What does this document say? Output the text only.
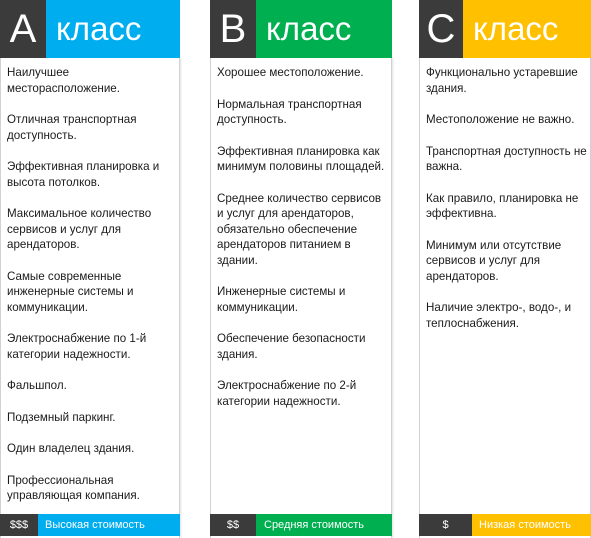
A класс
Наилучшее месторасположение.
Отличная транспортная доступность.
Эффективная планировка и высота потолков.
Максимальное количество сервисов и услуг для арендаторов.
Самые современные инженерные системы и коммуникации.
Электроснабжение по 1-й категории надежности.
Фальшпол.
Подземный паркинг.
Один владелец здания.
Профессиональная управляющая компания.
$$$	Высокая стоимость
B класс
Хорошее местоположение.
Нормальная транспортная доступность.
Эффективная планировка как минимум половины площадей.
Среднее количество сервисов и услуг для арендаторов, обязательно обеспечение арендаторов питанием в здании.
Инженерные системы и коммуникации.
Обеспечение безопасности здания.
Электроснабжение по 2-й категории надежности.
$$	Средняя стоимость
C класс
Функционально устаревшие здания.
Местоположение не важно.
Транспортная доступность не важна.
Как правило, планировка не эффективна.
Минимум или отсутствие сервисов и услуг для арендаторов.
Наличие электро-, водо-, и теплоснабжения.
$	Низкая стоимость
